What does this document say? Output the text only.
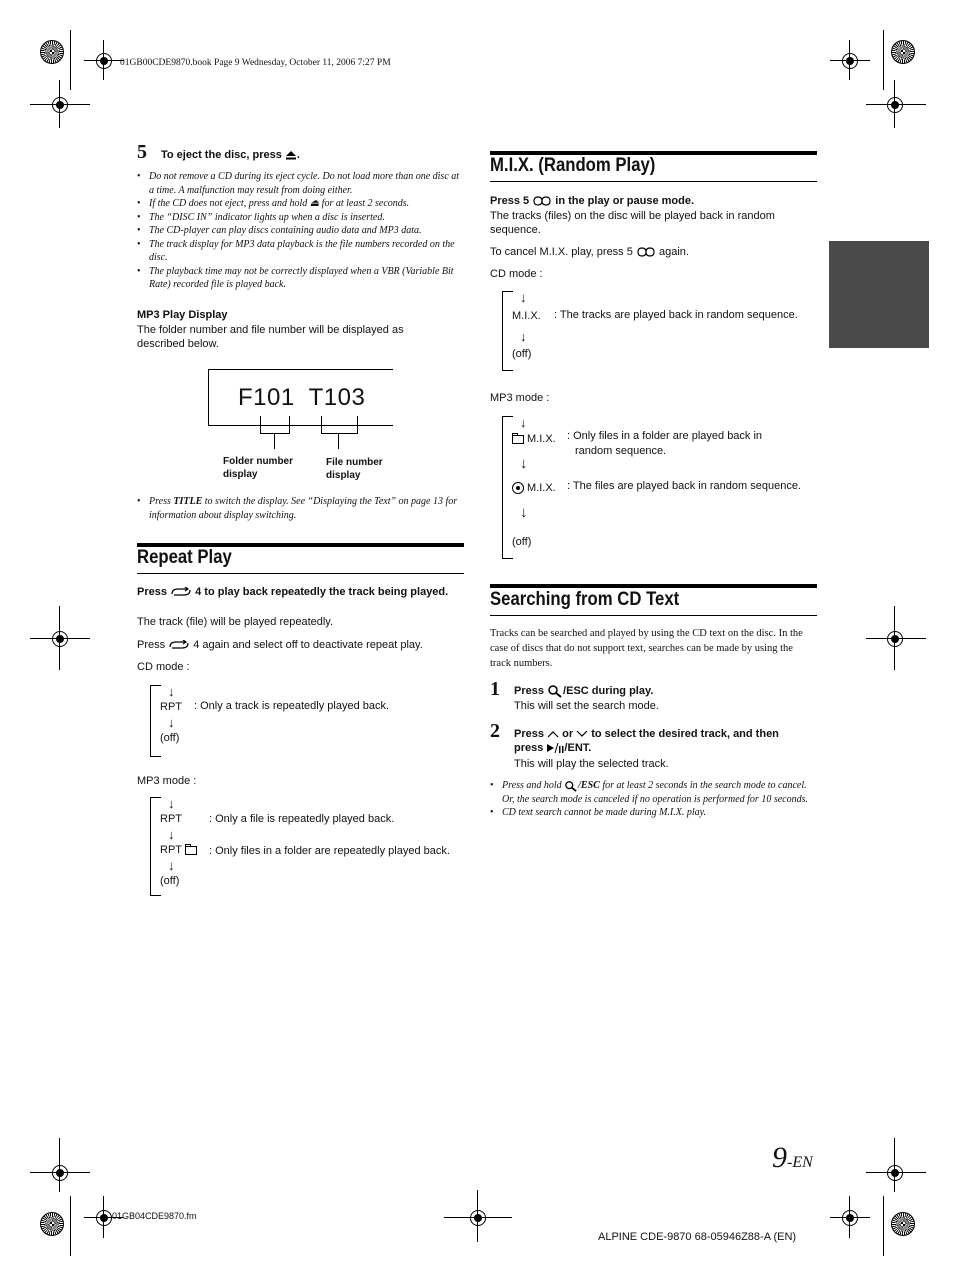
01GB00CDE9870.book Page 9 Wednesday, October 11, 2006 7:27 PM
5 To eject the disc, press .
• Do not remove a CD during its eject cycle. Do not load more than one disc at a time. A malfunction may result from doing either.
• If the CD does not eject, press and hold ⏏ for at least 2 seconds.
• The “DISC IN” indicator lights up when a disc is inserted.
• The CD-player can play discs containing audio data and MP3 data.
• The track display for MP3 data playback is the file numbers recorded on the disc.
• The playback time may not be correctly displayed when a VBR (Variable Bit Rate) recorded file is played back.
MP3 Play Display
The folder number and file number will be displayed as described below.
F101  T103
Folder number display
File number display
• Press TITLE to switch the display. See “Displaying the Text” on page 13 for information about display switching.
Repeat Play
Press	4 to play back repeatedly the track being played.
The track (file) will be played repeatedly.
Press	4 again and select off to deactivate repeat play.
CD mode :
↓
RPT : Only a track is repeatedly played back.
↓
(off)
MP3 mode :
↓
RPT : Only a file is repeatedly played back.
↓
RPT	: Only files in a folder are repeatedly played back.
↓
(off)
M.I.X. (Random Play)
Press 5 in the play or pause mode.
The tracks (files) on the disc will be played back in random sequence.
To cancel M.I.X. play, press 5 again.
CD mode :
↓
M.I.X. : The tracks are played back in random sequence.
↓
(off)
MP3 mode :
↓
M.I.X. : Only files in a folder are played back in
random sequence.
↓
M.I.X. : The files are played back in random sequence.
↓
(off)
Searching from CD Text
Tracks can be searched and played by using the CD text on the disc. In the case of discs that do not support text, searches can be made by using the track numbers.
1 Press /ESC during play.
This will set the search mode.
2 Press or to select the desired track, and then
press /ENT.
This will play the selected track.
• Press and hold /ESC for at least 2 seconds in the search mode to cancel. Or, the search mode is canceled if no operation is performed for 10 seconds.
• CD text search cannot be made during M.I.X. play.
9-EN
01GB04CDE9870.fm
ALPINE CDE-9870 68-05946Z88-A (EN)
